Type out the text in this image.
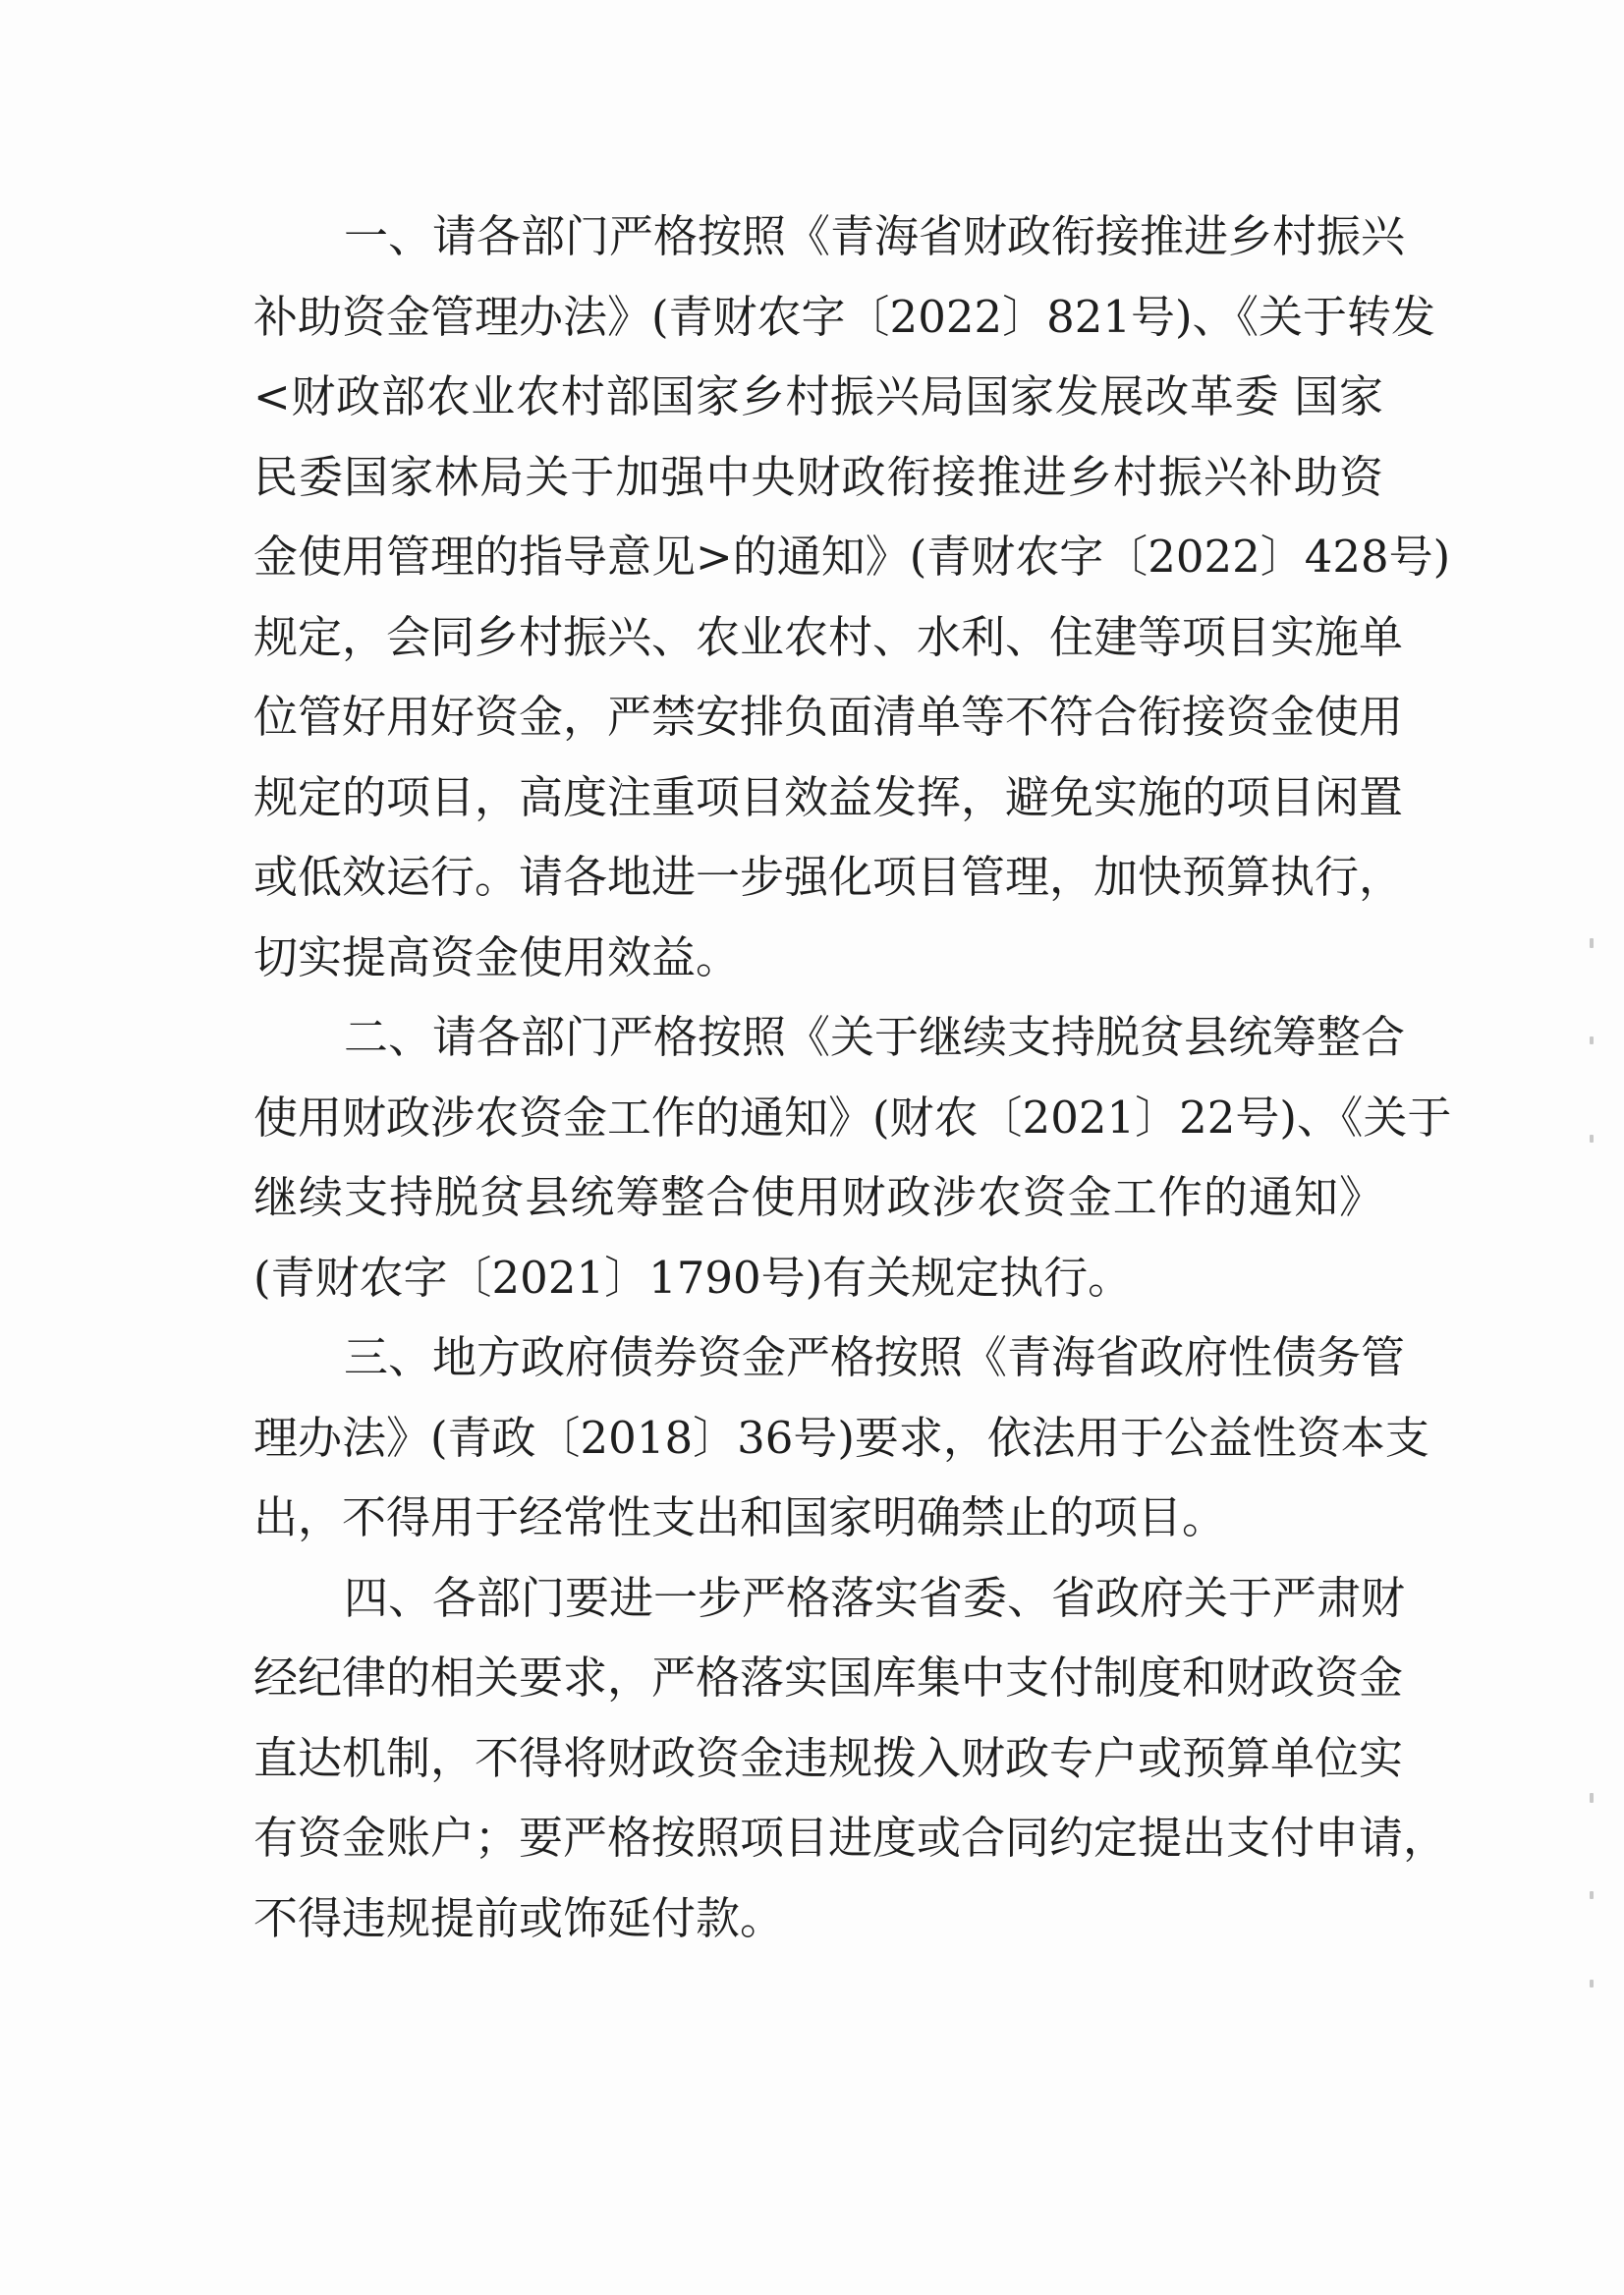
一、请各部门严格按照《青海省财政衔接推进乡村振兴
补助资金管理办法》(青财农字〔2022〕821号)、《关于转发
<财政部农业农村部国家乡村振兴局国家发展改革委 国家
民委国家林局关于加强中央财政衔接推进乡村振兴补助资
金使用管理的指导意见>的通知》(青财农字〔2022〕428号)
规定，会同乡村振兴、农业农村、水利、住建等项目实施单
位管好用好资金，严禁安排负面清单等不符合衔接资金使用
规定的项目，高度注重项目效益发挥，避免实施的项目闲置
或低效运行。请各地进一步强化项目管理，加快预算执行，
切实提高资金使用效益。
二、请各部门严格按照《关于继续支持脱贫县统筹整合
使用财政涉农资金工作的通知》(财农〔2021〕22号)、《关于
继续支持脱贫县统筹整合使用财政涉农资金工作的通知》
(青财农字〔2021〕1790号)有关规定执行。
三、地方政府债券资金严格按照《青海省政府性债务管
理办法》(青政〔2018〕36号)要求，依法用于公益性资本支
出，不得用于经常性支出和国家明确禁止的项目。
四、各部门要进一步严格落实省委、省政府关于严肃财
经纪律的相关要求，严格落实国库集中支付制度和财政资金
直达机制，不得将财政资金违规拨入财政专户或预算单位实
有资金账户；要严格按照项目进度或合同约定提出支付申请，
不得违规提前或饰延付款。
